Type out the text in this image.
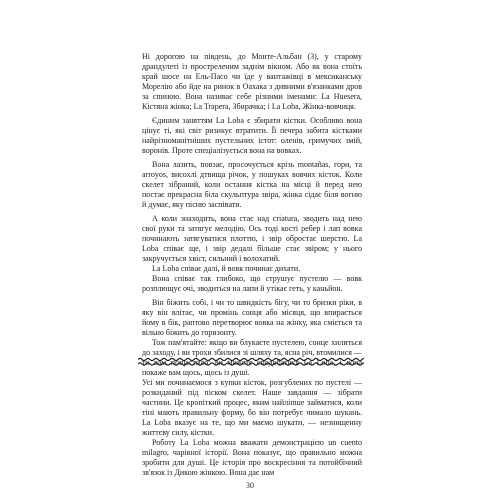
Ні дорогою на південь, до Монте-Альбан (3), у старому драндулеті із простреленим заднім вікном. Або як вона стоїть край шосе на Ель-Пасо чи їде у вантажівці в мексиканську Морелію або йде на ринок в Оахака з дивними в'язанками дров за спиною. Вона називає себе різними іменами: La Huesera, Кістяна жінка; La Trapera, Збирачка; і La Loba, Жінка-вовчиця.

Єдиним заняттям La Loba є збирати кістки. Особливо вона цінує ті, які світ ризикує втратити. Її печера забита кістками найрізноманітніших пустельних істот: оленів, гримучих змій, воронів. Проте спеціалізується вона на вовках.

Вона лазить, повзає, просочується крізь montañas, гори, та arroyos, висохлі дтвища річок, у пошуках вовчих кісток. Коли скелет зібраний, коли остання кістка на місці й перед нею постає прекрасна біла скульптура звіра, жінка сідає біля вогню й думає, яку пісню заспівати.

А коли знаходить, вона стає над criatura, зводить над нею свої руки та затягує мелодію. Ось тоді кості ребер і лап вовка починають затягуватися плоттю, і звір обростає шерстю. La Loba співає ще, і звір дедалі більше стає звіром; у нього закручується хвіст, сильний і волохатий.

La Loba співає далі, й вовк починає дихати.

Вона співає так глибоко, що струшує пустелю — вовк розплющує очі, зводиться на лапи й утікає геть, у каньйон.

Він біжить собі, і чи то швидкість бігу, чи то бризки ріки, в яку він влітає, чи промінь сонця або місяця, що впирається йому в бік, раптово перетворює вовка на жінку, яка сміється та вільно біжить до горизонту.

Тож пам'ятайте: якщо ви блукаєте пустелею, сонце хилиться до заходу, і ви трохи збилися зі шляху та, ясна річ, втомилися — то вам пощастило: ви можете сподобатися La Loba, і вона покаже вам щось, щось із душі.

Усі ми починаємося з купки кісток, розгублених по пустелі — розкиданий під піском скелет. Наше завдання — зібрати частини. Це кропіткий процес, яким найліпше займатися, коли тіні мають правильну форму, бо він потребує чимало шукань. La Loba вказує на те, що ми маємо шукати, — незнищенну життєву силу, кістки.

Роботу La Loba можна вважати демонстрацією un cuento milagro, чарівної історії. Вона показує, що правильно можна зробити для душі. Це історія про воскресіння та потойбічний зв'язок із Дикою жінкою. Вона дає нам

30
